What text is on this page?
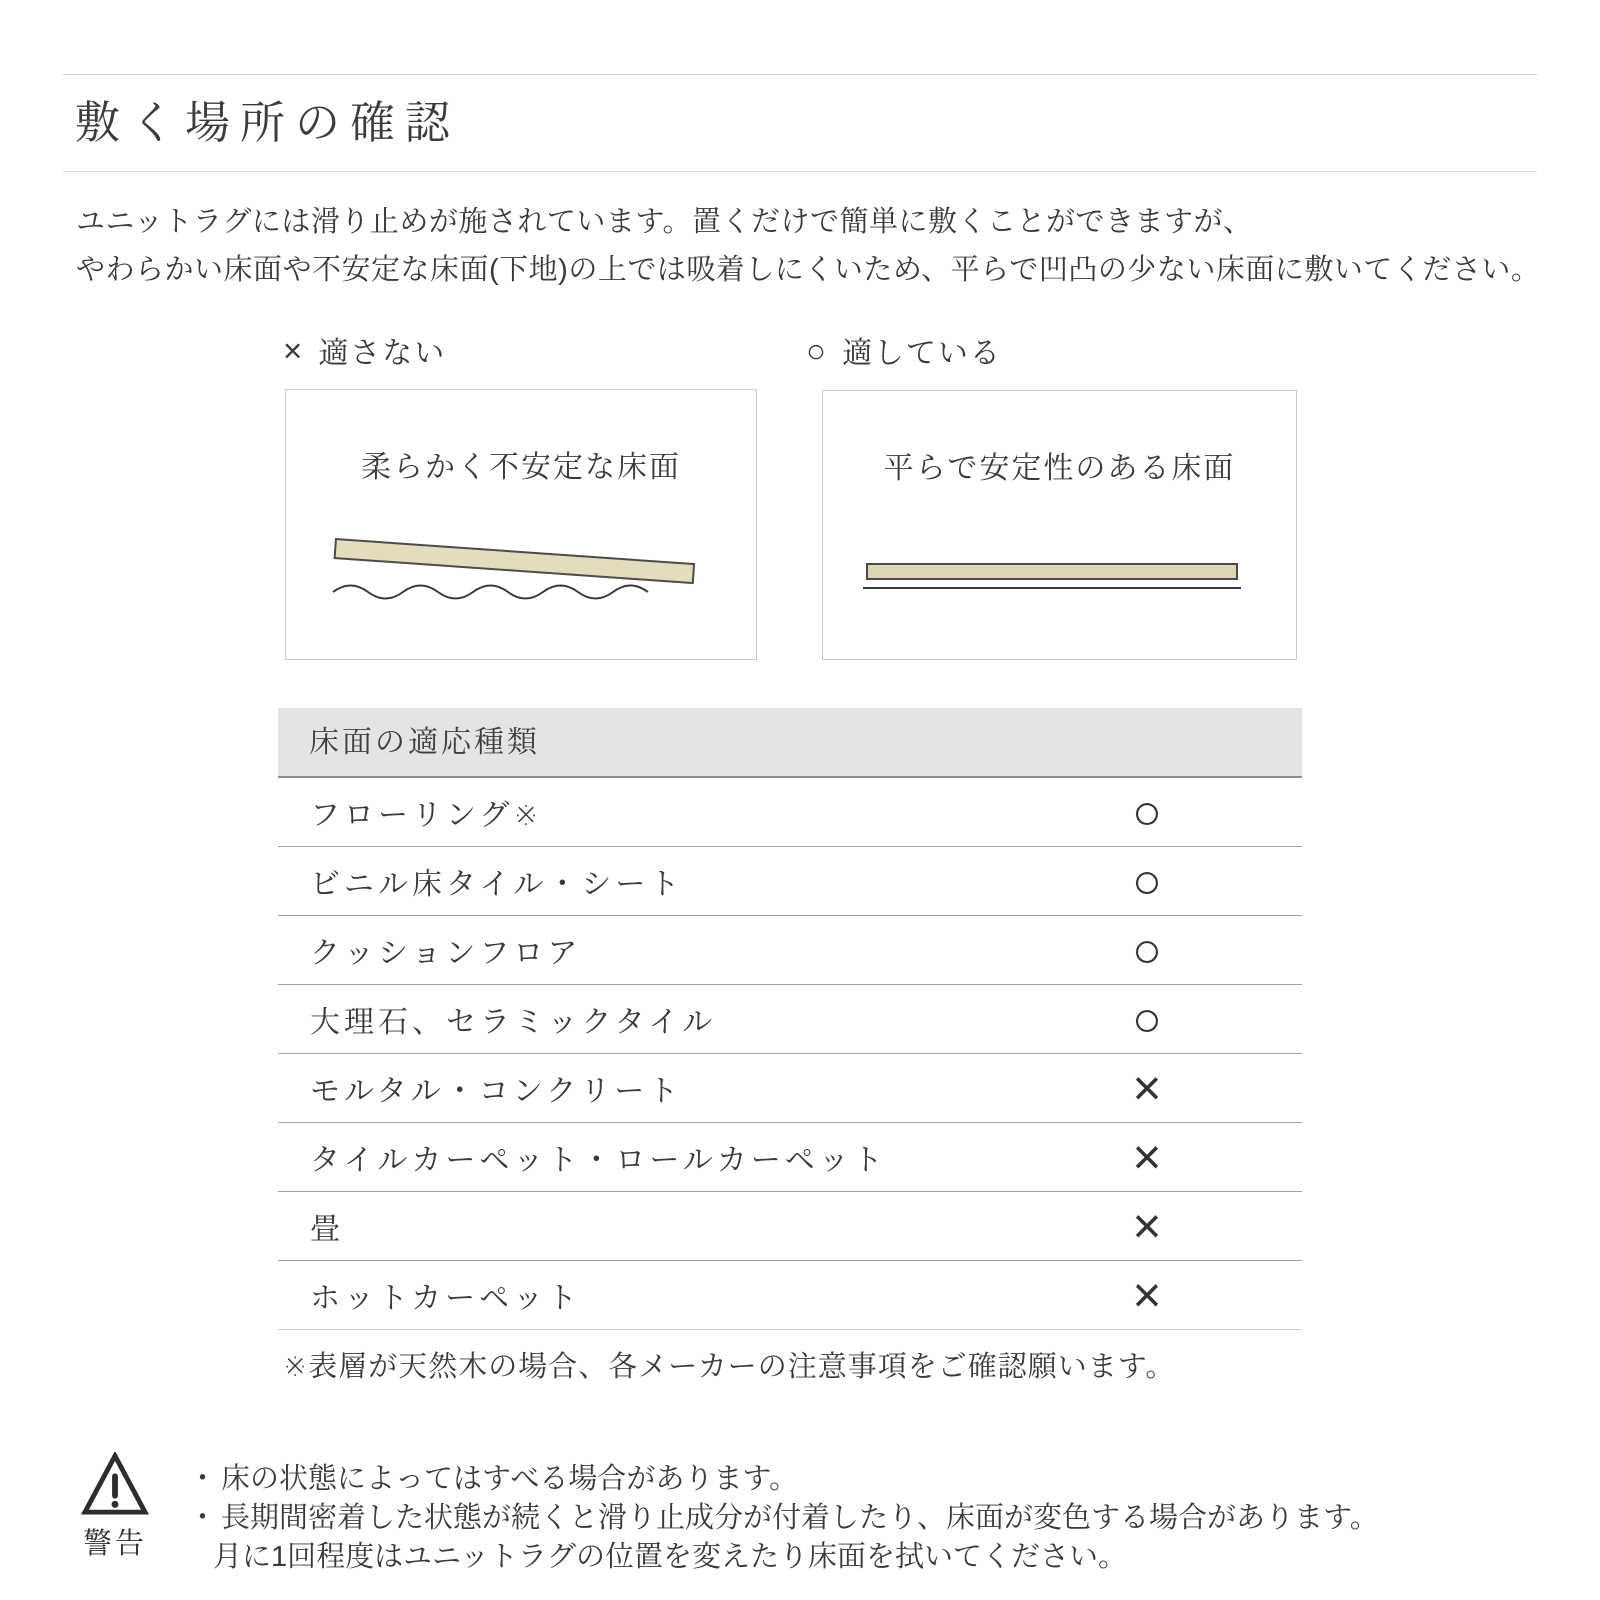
敷く場所の確認

ユニットラグには滑り止めが施されています。置くだけで簡単に敷くことができますが、
やわらかい床面や不安定な床面(下地)の上では吸着しにくいため、平らで凹凸の少ない床面に敷いてください。

× 適さない	○ 適している
柔らかく不安定な床面	平らで安定性のある床面
床面の適応種類
フローリング※	○
ビニル床タイル・シート	○
クッションフロア	○
大理石、セラミックタイル	○
モルタル・コンクリート	×
タイルカーペット・ロールカーペット	×
畳	×
ホットカーペット	×

※表層が天然木の場合、各メーカーの注意事項をご確認願います。

警告
・ 床の状態によってはすべる場合があります。
・ 長期間密着した状態が続くと滑り止成分が付着したり、床面が変色する場合があります。
月に1回程度はユニットラグの位置を変えたり床面を拭いてください。
